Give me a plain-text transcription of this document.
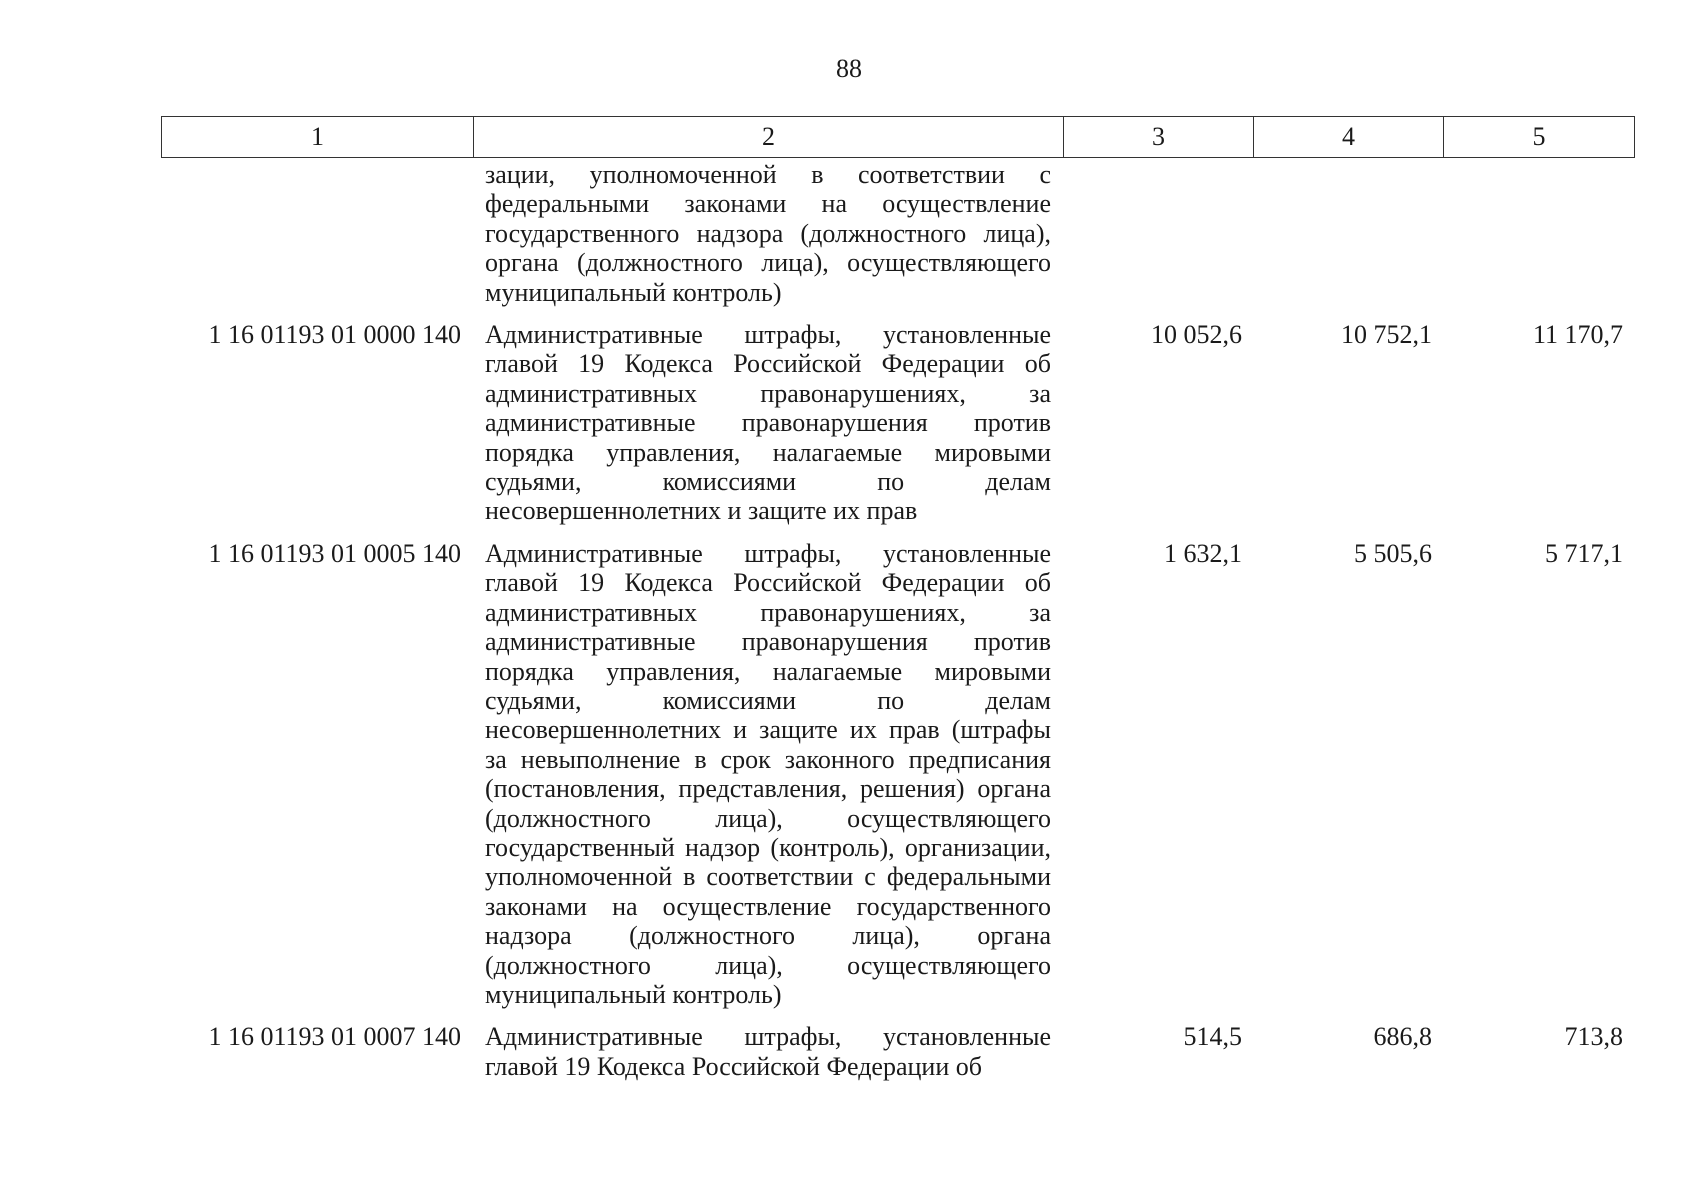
88
1	2	3	4	5
	зации, уполномоченной в соответствии с федеральными законами на осуществление государственного надзора (должностного лица), органа (должностного лица), осуществляющего муниципальный контроль)			
1 16 01193 01 0000 140	Административные штрафы, установленные главой 19 Кодекса Российской Федерации об административных правонарушениях, за административные правонарушения против порядка управления, налагаемые мировыми судьями, комиссиями по делам несовершеннолетних и защите их прав	10 052,6	10 752,1	11 170,7
1 16 01193 01 0005 140	Административные штрафы, установленные главой 19 Кодекса Российской Федерации об административных правонарушениях, за административные правонарушения против порядка управления, налагаемые мировыми судьями, комиссиями по делам несовершеннолетних и защите их прав (штрафы за невыполнение в срок законного предписания (постановления, представления, решения) органа (должностного лица), осуществляющего государственный надзор (контроль), организации, уполномоченной в соответствии с федеральными законами на осуществление государственного надзора (должностного лица), органа (должностного лица), осуществляющего муниципальный контроль)	1 632,1	5 505,6	5 717,1
1 16 01193 01 0007 140	Административные штрафы, установленные главой 19 Кодекса Российской Федерации об	514,5	686,8	713,8
